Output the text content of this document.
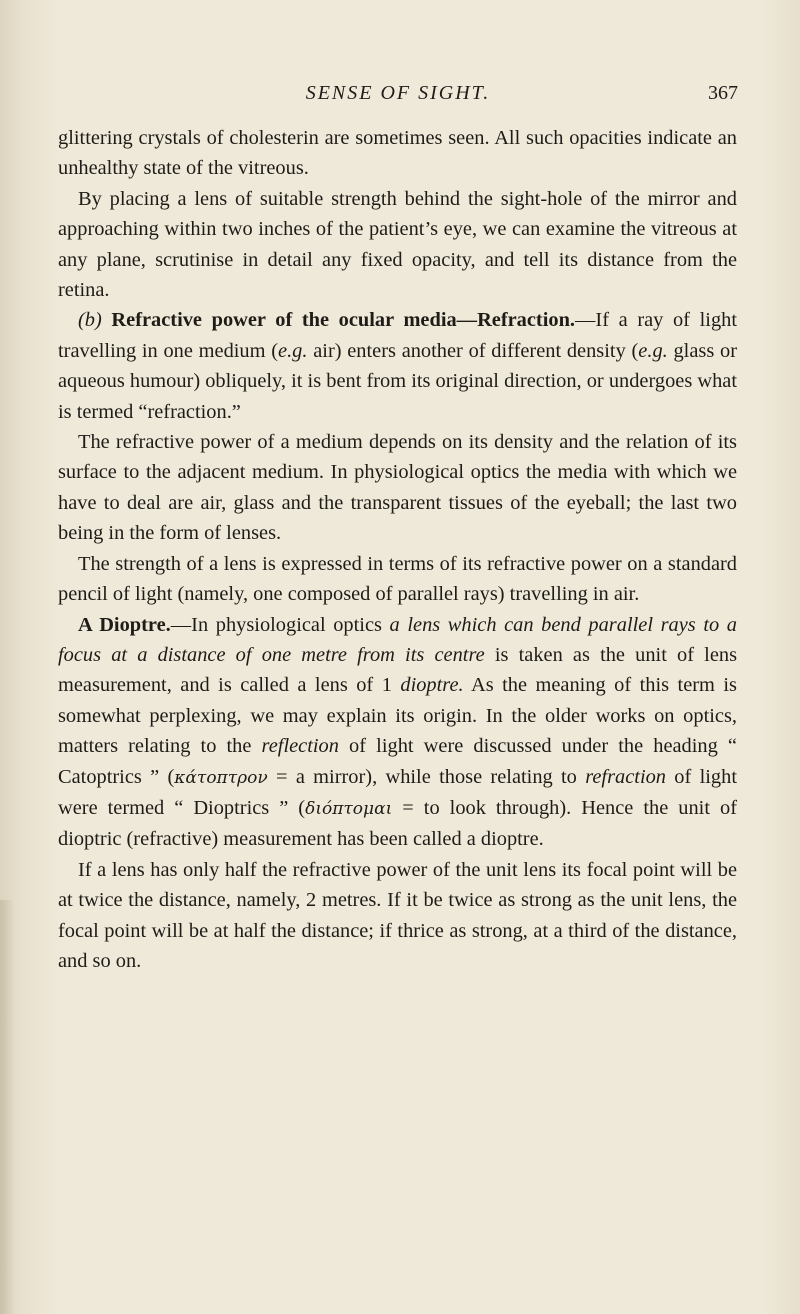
SENSE OF SIGHT.	367

glittering crystals of cholesterin are sometimes seen. All such opacities indicate an unhealthy state of the vitreous.

By placing a lens of suitable strength behind the sight-hole of the mirror and approaching within two inches of the patient’s eye, we can examine the vitreous at any plane, scrutinise in detail any fixed opacity, and tell its distance from the retina.

(b) Refractive power of the ocular media—Refraction.—If a ray of light travelling in one medium (e.g. air) enters another of different density (e.g. glass or aqueous humour) obliquely, it is bent from its original direction, or undergoes what is termed “refraction.”

The refractive power of a medium depends on its density and the relation of its surface to the adjacent medium. In physiological optics the media with which we have to deal are air, glass and the transparent tissues of the eyeball; the last two being in the form of lenses.

The strength of a lens is expressed in terms of its refractive power on a standard pencil of light (namely, one composed of parallel rays) travelling in air.

A Dioptre.—In physiological optics a lens which can bend parallel rays to a focus at a distance of one metre from its centre is taken as the unit of lens measurement, and is called a lens of 1 dioptre. As the meaning of this term is somewhat perplexing, we may explain its origin. In the older works on optics, matters relating to the reflection of light were discussed under the heading “ Catoptrics ” (κάτοπτρον = a mirror), while those relating to refraction of light were termed “ Dioptrics ” (διόπτομαι = to look through). Hence the unit of dioptric (refractive) measurement has been called a dioptre.

If a lens has only half the refractive power of the unit lens its focal point will be at twice the distance, namely, 2 metres. If it be twice as strong as the unit lens, the focal point will be at half the distance; if thrice as strong, at a third of the distance, and so on.
